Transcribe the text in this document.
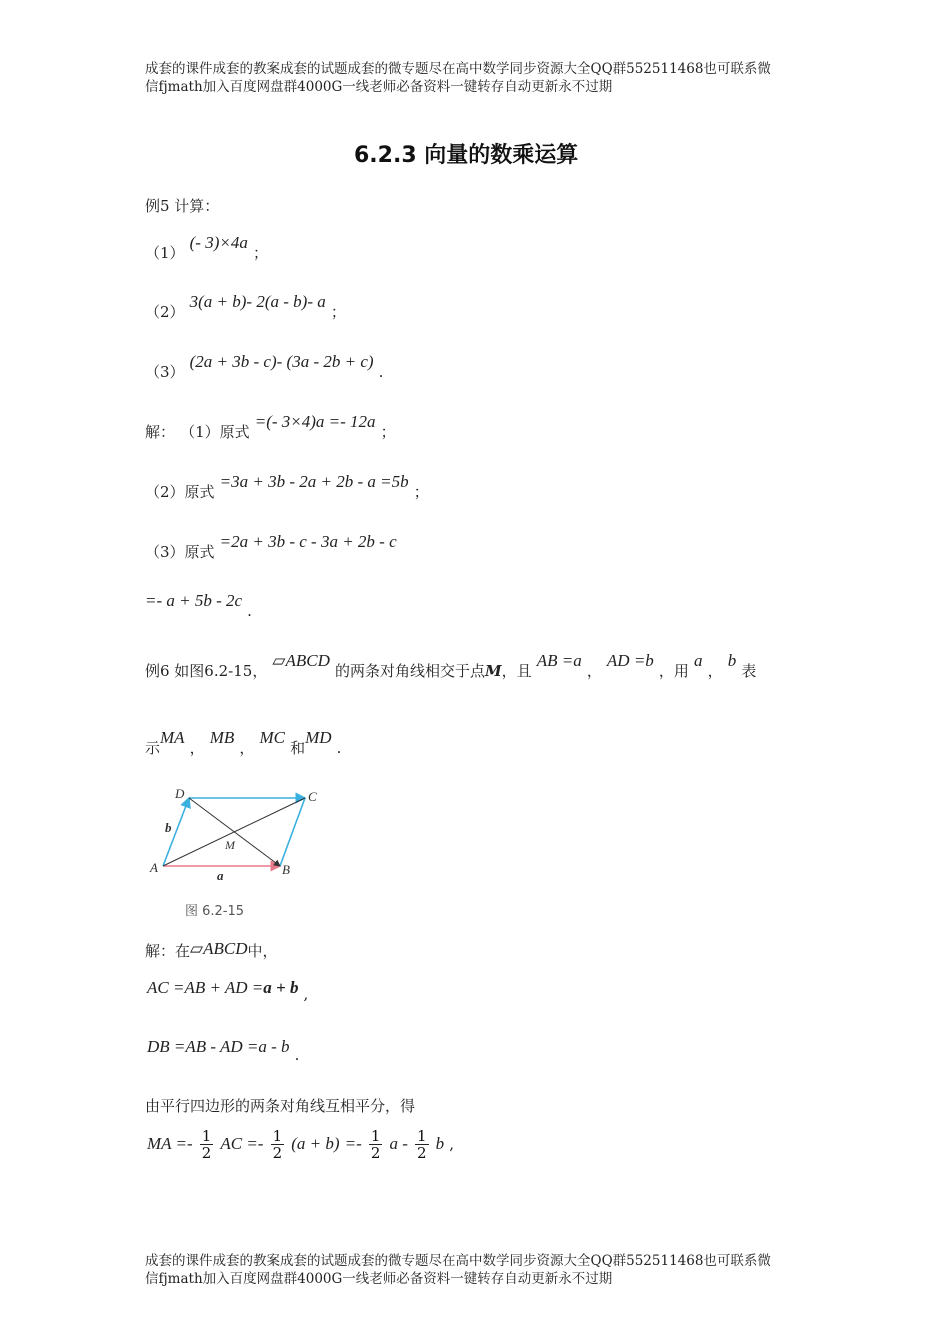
成套的课件成套的教案成套的试题成套的微专题尽在高中数学同步资源大全QQ群552511468也可联系微
信fjmath加入百度网盘群4000G一线老师必备资料一键转存自动更新永不过期
6.2.3 向量的数乘运算
例5 计算：
（1） (- 3)×4a ；
（2） 3(a + b)- 2(a - b)- a ；
（3） (2a + 3b - c)- (3a - 2b + c) .
解： （1）原式 =(- 3×4)a =- 12a ；
（2）原式 =3a + 3b - 2a + 2b - a =5b ；
（3）原式 =2a + 3b - c - 3a + 2b - c
=- a + 5b - 2c .
例6 如图6.2-15， ▱ABCD 的两条对角线相交于点M，且 AB =a ， AD =b ，用 a ， b 表
示MA ， MB ， MC 和MD .
A	B
C
D
M
a
b
图 6.2-15
解：在▱ABCD中，
AC =AB + AD =a + b ,
DB =AB - AD =a - b .
由平行四边形的两条对角线互相平分，得
MA =- $\frac{1}{2}$ AC =- $\frac{1}{2} (a + b) =- \frac{1}{2}$ a - $\frac{1}{2}$ b ,
成套的课件成套的教案成套的试题成套的微专题尽在高中数学同步资源大全QQ群552511468也可联系微
信fjmath加入百度网盘群4000G一线老师必备资料一键转存自动更新永不过期
